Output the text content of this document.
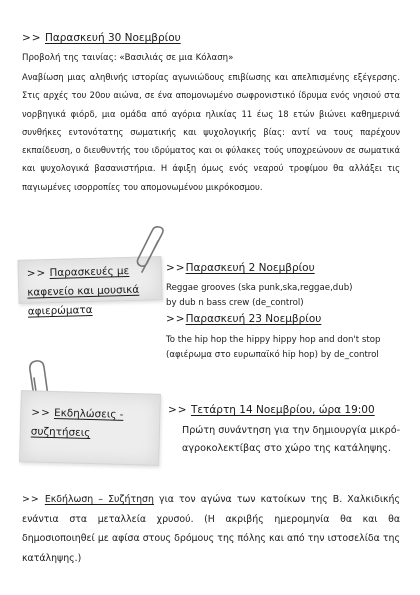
>> Παρασκευή 30 Νοεμβρίου
Προβολή της ταινίας: «Βασιλιάς σε μια Κόλαση»
Αναβίωση μιας αληθινής ιστορίας αγωνιώδους επιβίωσης και απελπισμένης εξέγερσης. Στις αρχές του 20ου αιώνα, σε ένα απομονωμένο σωφρονιστικό ίδρυμα ενός νησιού στα νορβηγικά φιόρδ, μια ομάδα από αγόρια ηλικίας 11 έως 18 ετών βιώνει καθημερινά συνθήκες εντονότατης σωματικής και ψυχολογικής βίας: αντί να τους παρέχουν εκπαίδευση, ο διευθυντής του ιδρύματος και οι φύλακες τούς υποχρεώνουν σε σωματικά και ψυχολογικά βασανιστήρια. Η άφιξη όμως ενός νεαρού τροφίμου θα αλλάξει τις παγιωμένες ισορροπίες του απομονωμένου μικρόκοσμου.
>> Παρασκευές με
καφενείο και μουσικά
αφιερώματα
>>Παρασκευή 2 Νοεμβρίου
Reggae grooves (ska punk,ska,reggae,dub)
by dub n bass crew (de_control)
>>Παρασκευή 23 Νοεμβρίου
To the hip hop the hippy hippy hop and don't stop
(αφιέρωμα στο ευρωπαϊκό hip hop) by de_control
>> Εκδηλώσεις -
συζητήσεις
>> Τετάρτη 14 Νοεμβρίου, ώρα 19:00
Πρώτη συνάντηση για την δημιουργία μικρό-
αγροκολεκτίβας στο χώρο της κατάληψης.
>> Εκδήλωση – Συζήτηση για τον αγώνα των κατοίκων της Β. Χαλκιδικής ενάντια στα μεταλλεία χρυσού. (Η ακριβής ημερομηνία θα και θα δημοσιοποιηθεί με αφίσα στους δρόμους της πόλης και από την ιστοσελίδα της κατάληψης.)
